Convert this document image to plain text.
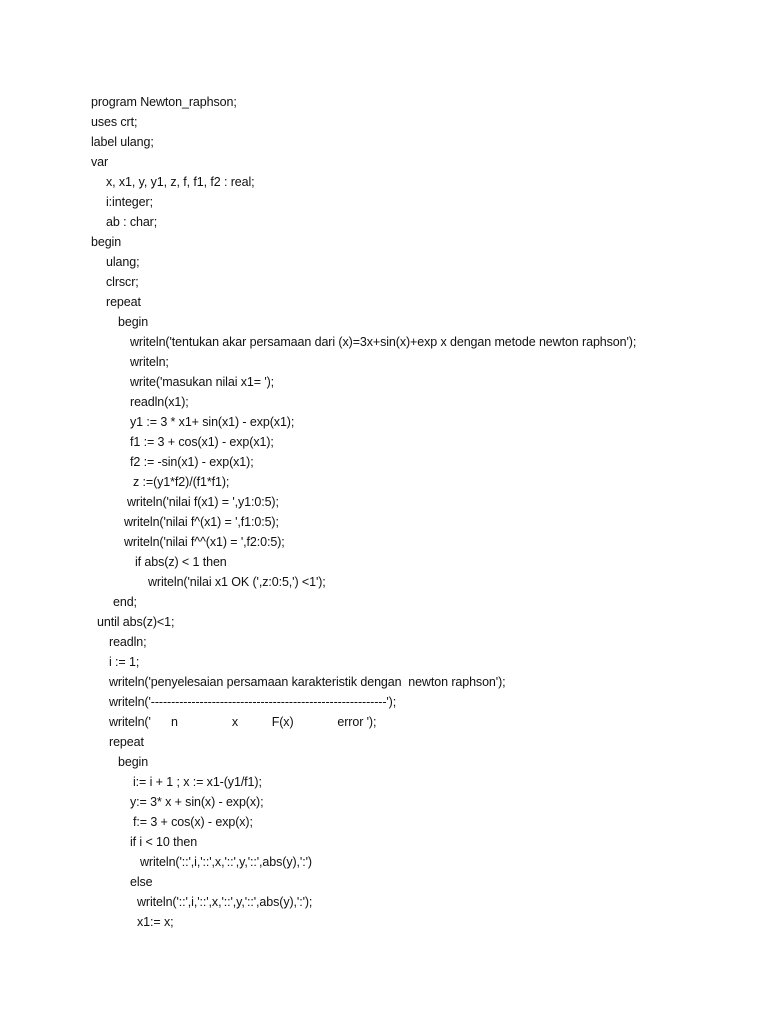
program Newton_raphson;
uses crt;
label ulang;
var
x, x1, y, y1, z, f, f1, f2 : real;
i:integer;
ab : char;
begin
ulang;
clrscr;
repeat
begin
writeln('tentukan akar persamaan dari (x)=3x+sin(x)+exp x dengan metode newton raphson');
writeln;
write('masukan nilai x1= ');
readln(x1);
y1 := 3 * x1+ sin(x1) - exp(x1);
f1 := 3 + cos(x1) - exp(x1);
f2 := -sin(x1) - exp(x1);
z :=(y1*f2)/(f1*f1);
writeln('nilai f(x1) = ',y1:0:5);
writeln('nilai f^(x1) = ',f1:0:5);
writeln('nilai f^^(x1) = ',f2:0:5);
if abs(z) < 1 then
writeln('nilai x1 OK (',z:0:5,') <1');
end;
until abs(z)<1;
readln;
i := 1;
writeln('penyelesaian persamaan karakteristik dengan  newton raphson');
writeln('----------------------------------------------------------');
writeln('      n                x          F(x)             error ');
repeat
begin
i:= i + 1 ; x := x1-(y1/f1);
y:= 3* x + sin(x) - exp(x);
f:= 3 + cos(x) - exp(x);
if i < 10 then
writeln('::',i,'::',x,'::',y,'::',abs(y),':')
else
writeln('::',i,'::',x,'::',y,'::',abs(y),':');
x1:= x;
